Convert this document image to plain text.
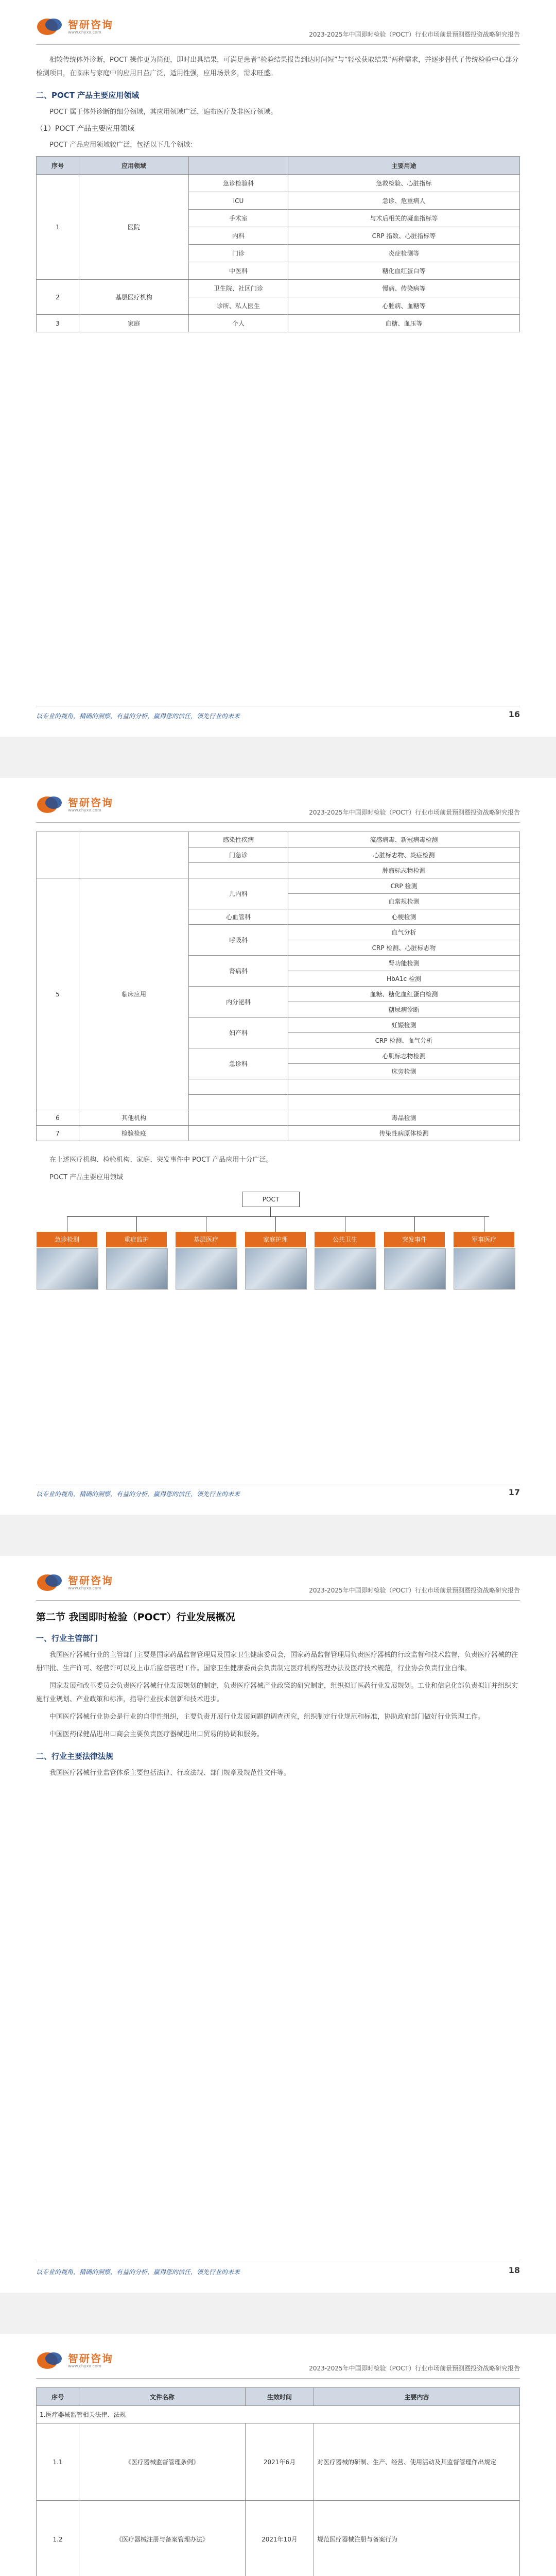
智研咨询
www.chyxx.com	2023-2025年中国即时检验（POCT）行业市场前景预测暨投资战略研究报告

相较传统体外诊断，POCT 操作更为简便，即时出具结果，可满足患者“检验结果报告到达时间短”与“轻松获取结果”两种需求，并逐步替代了传统检验中心部分检测项目，在临床与家庭中的应用日益广泛，适用性强，应用场景多，需求旺盛。

二、POCT 产品主要应用领域

POCT 属于体外诊断的细分领域，其应用领域广泛，遍布医疗及非医疗领域。

（1）POCT 产品主要应用领域

POCT 产品应用领域较广泛，包括以下几个领域：

序号	应用领域		主要用途
1	医院	急诊检验科	急救检验、心脏指标
		ICU	急诊、危重病人
		手术室	与术后相关的凝血指标等
		内科	CRP 指数、心脏指标等
		门诊	炎症检测等
		中医科	糖化血红蛋白等
2	基层医疗机构	卫生院、社区门诊	慢病、传染病等
		诊所、私人医生	心脏病、血糖等
3	家庭	个人	血糖、血压等
以专业的视角，精确的洞察，有益的分析，赢得您的信任，领先行业的未来	16
智研咨询
www.chyxx.com	2023-2025年中国即时检验（POCT）行业市场前景预测暨投资战略研究报告
		感染性疾病	流感病毒、新冠病毒检测
		门急诊	心脏标志物、炎症检测
			肿瘤标志物检测
5	临床应用	儿内科	CRP 检测
			血常规检测
		心血管科	心梗检测
		呼吸科	血气分析
			CRP 检测、心脏标志物
		肾病科	肾功能检测
			HbA1c 检测
		内分泌科	血糖、糖化血红蛋白检测
			糖尿病诊断
		妇产科	妊娠检测
			CRP 检测、血气分析
		急诊科	心肌标志物检测
			床旁检测

6	其他机构		毒品检测
7	检验检疫		传染性病原体检测

在上述医疗机构、检验机构、家庭、突发事件中 POCT 产品应用十分广泛。

POCT 产品主要应用领域

POCT
急诊检测	重症监护	基层医疗	家庭护理	公共卫生	突发事件	军事医疗
以专业的视角，精确的洞察，有益的分析，赢得您的信任，领先行业的未来	17
智研咨询
www.chyxx.com	2023-2025年中国即时检验（POCT）行业市场前景预测暨投资战略研究报告
第二节 我国即时检验（POCT）行业发展概况
一、行业主管部门

我国医疗器械行业的主管部门主要是国家药品监督管理局及国家卫生健康委员会，国家药品监督管理局负责医疗器械的行政监督和技术监督，负责医疗器械的注册审批、生产许可、经营许可以及上市后监督管理工作。国家卫生健康委员会负责制定医疗机构管理办法及医疗技术规范，行业协会负责行业自律。

国家发展和改革委员会负责医疗器械行业发展规划的制定，负责医疗器械产业政策的研究制定，组织拟订医药行业发展规划。工业和信息化部负责拟订并组织实施行业规划、产业政策和标准，指导行业技术创新和技术进步。

中国医疗器械行业协会是行业的自律性组织，主要负责开展行业发展问题的调查研究，组织制定行业规范和标准，协助政府部门做好行业管理工作。

中国医药保健品进出口商会主要负责医疗器械进出口贸易的协调和服务。

二、行业主要法律法规

我国医疗器械行业监管体系主要包括法律、行政法规、部门规章及规范性文件等。

以专业的视角，精确的洞察，有益的分析，赢得您的信任，领先行业的未来	18
智研咨询
www.chyxx.com	2023-2025年中国即时检验（POCT）行业市场前景预测暨投资战略研究报告
序号	文件名称	生效时间	主要内容
1.医疗器械监管相关法律、法规			
1.1	《医疗器械监督管理条例》	2021年6月	对医疗器械的研制、生产、经营、使用活动及其监督管理作出规定
1.2	《医疗器械注册与备案管理办法》	2021年10月	规范医疗器械注册与备案行为
